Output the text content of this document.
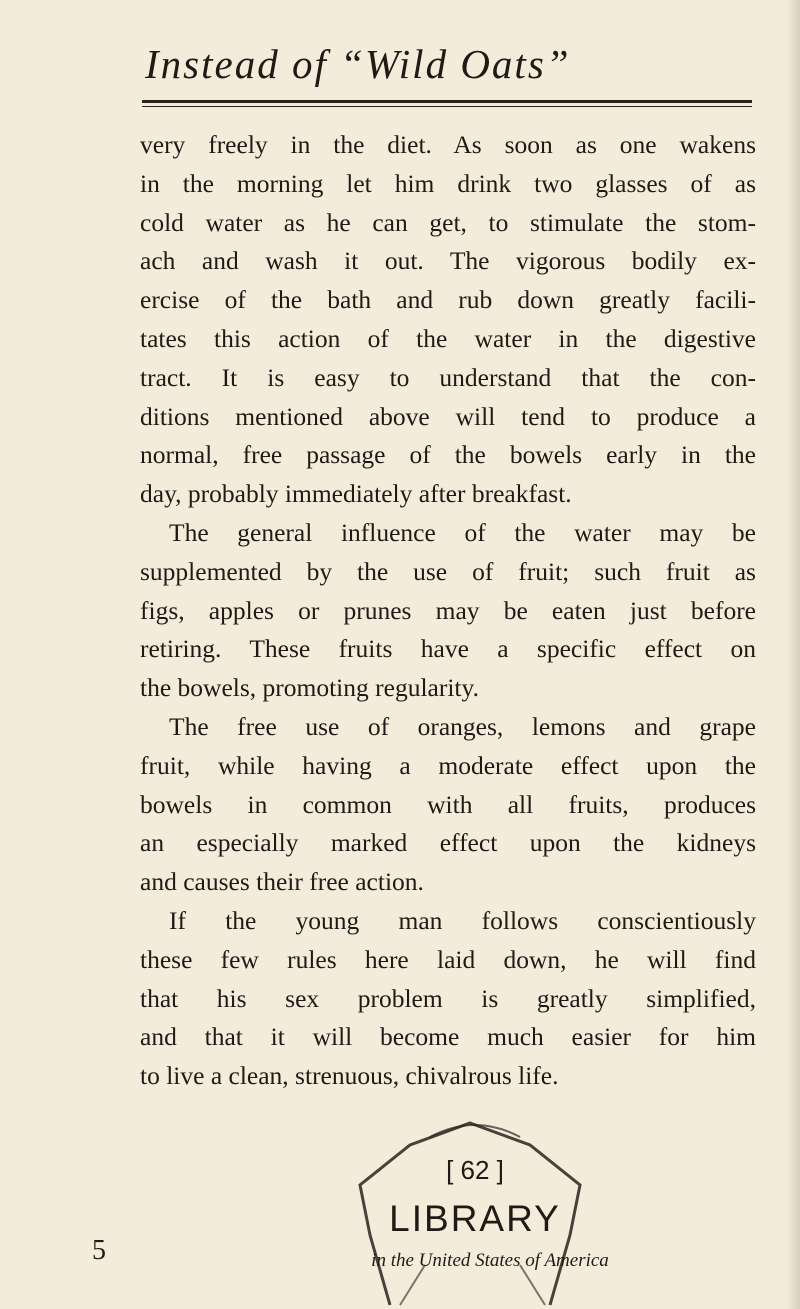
Instead of “Wild Oats”

very freely in the diet. As soon as one wakens
in the morning let him drink two glasses of as
cold water as he can get, to stimulate the stom-
ach and wash it out. The vigorous bodily ex-
ercise of the bath and rub down greatly facili-
tates this action of the water in the digestive
tract. It is easy to understand that the con-
ditions mentioned above will tend to produce a
normal, free passage of the bowels early in the
day, probably immediately after breakfast.

The general influence of the water may be
supplemented by the use of fruit; such fruit as
figs, apples or prunes may be eaten just before
retiring. These fruits have a specific effect on
the bowels, promoting regularity.

The free use of oranges, lemons and grape
fruit, while having a moderate effect upon the
bowels in common with all fruits, produces
an especially marked effect upon the kidneys
and causes their free action.

If the young man follows conscientiously
these few rules here laid down, he will find
that his sex problem is greatly simplified,
and that it will become much easier for him
to live a clean, strenuous, chivalrous life.

[ 62 ]
LIBRARY
in the United States of America
5
